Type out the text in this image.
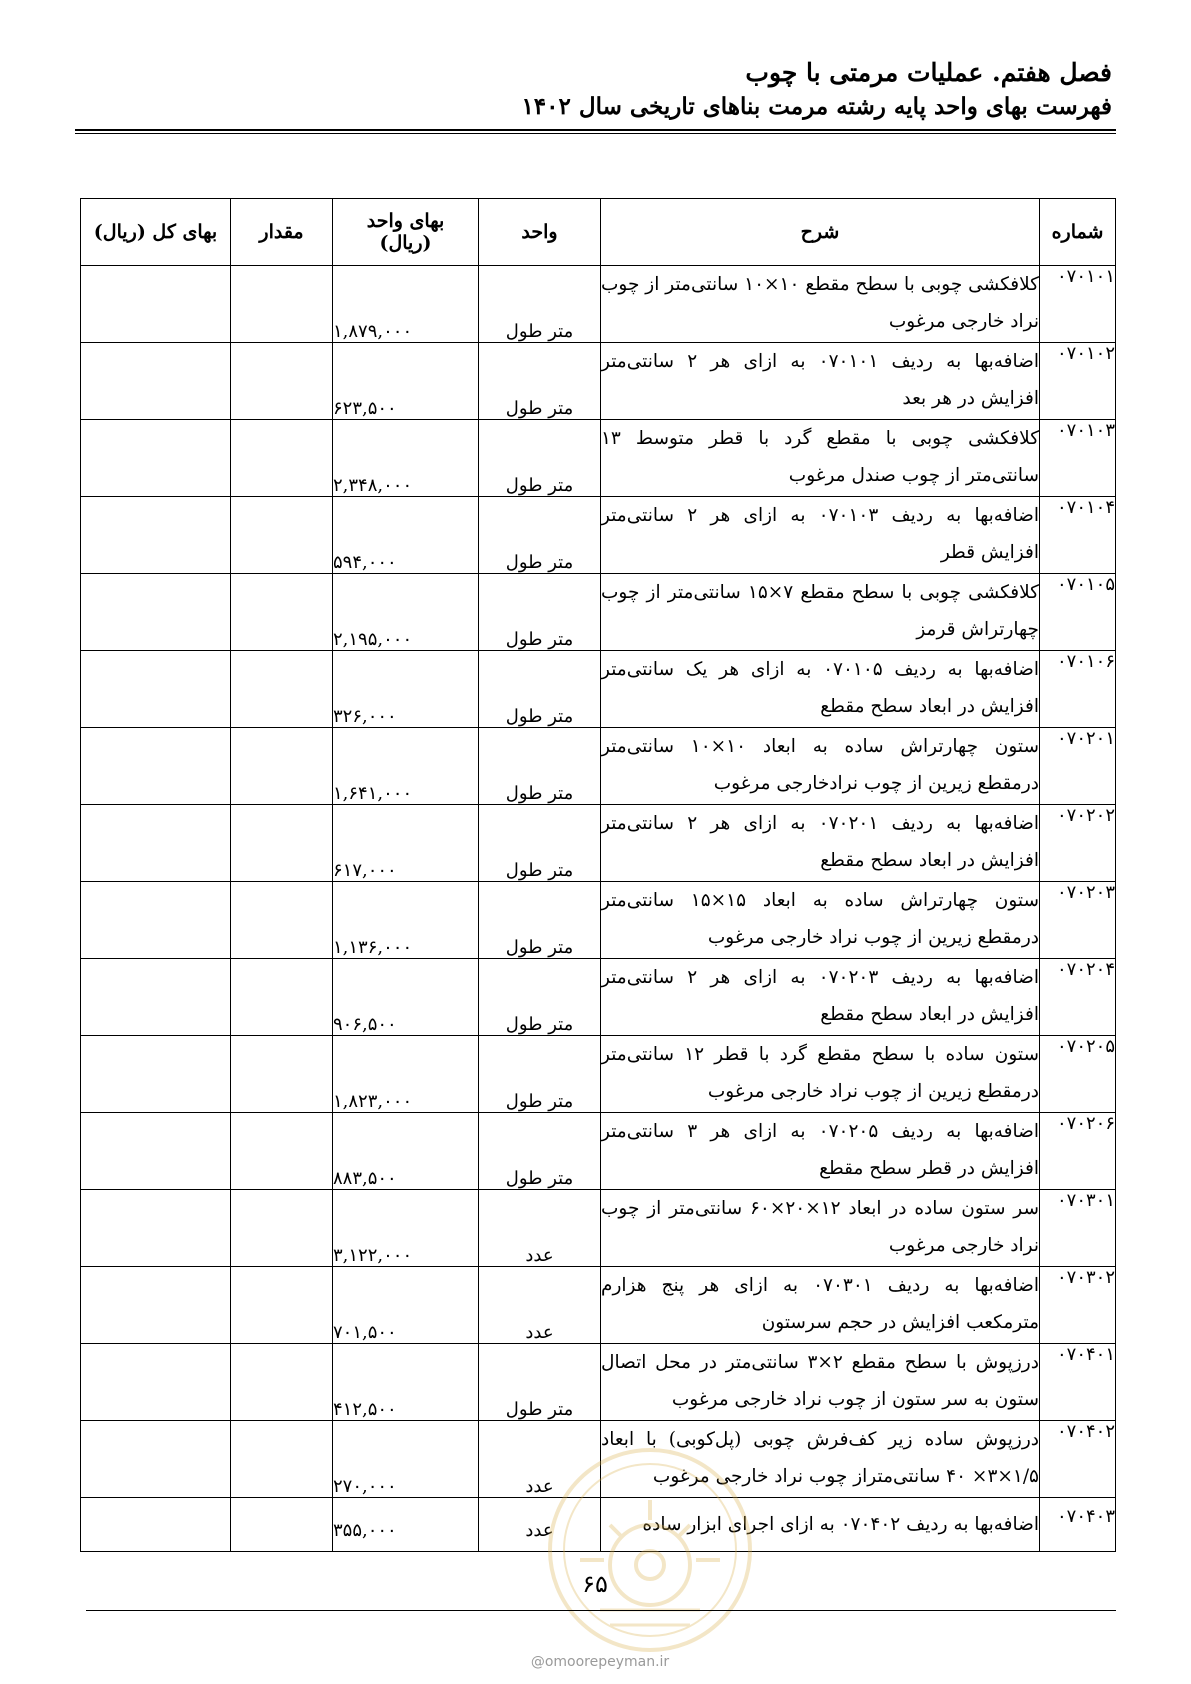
فصل هفتم. عملیات مرمتی با چوب
فهرست بهای واحد پایه رشته مرمت بناهای تاریخی سال ۱۴۰۲
شماره	شرح	واحد	بهای واحد (ریال)	مقدار	بهای کل (ریال)
۰۷۰۱۰۱	کلافکشی چوبی با سطح مقطع ۱۰×۱۰ سانتی‌متر از چوب نراد خارجی مرغوب	متر طول	۱,۸۷۹,۰۰۰		
۰۷۰۱۰۲	اضافه‌بها به ردیف ۰۷۰۱۰۱ به ازای هر ۲ سانتی‌متر افزایش در هر بعد	متر طول	۶۲۳,۵۰۰		
۰۷۰۱۰۳	کلافکشی چوبی با مقطع گرد با قطر متوسط ۱۳ سانتی‌متر از چوب صندل مرغوب	متر طول	۲,۳۴۸,۰۰۰		
۰۷۰۱۰۴	اضافه‌بها به ردیف ۰۷۰۱۰۳ به ازای هر ۲ سانتی‌متر افزایش قطر	متر طول	۵۹۴,۰۰۰		
۰۷۰۱۰۵	کلافکشی چوبی با سطح مقطع ۷×۱۵ سانتی‌متر از چوب چهارتراش قرمز	متر طول	۲,۱۹۵,۰۰۰		
۰۷۰۱۰۶	اضافه‌بها به ردیف ۰۷۰۱۰۵ به ازای هر یک سانتی‌متر افزایش در ابعاد سطح مقطع	متر طول	۳۲۶,۰۰۰		
۰۷۰۲۰۱	ستون چهارتراش ساده به ابعاد ۱۰×۱۰ سانتی‌متر درمقطع زیرین از چوب نرادخارجی مرغوب	متر طول	۱,۶۴۱,۰۰۰		
۰۷۰۲۰۲	اضافه‌بها به ردیف ۰۷۰۲۰۱ به ازای هر ۲ سانتی‌متر افزایش در ابعاد سطح مقطع	متر طول	۶۱۷,۰۰۰		
۰۷۰۲۰۳	ستون چهارتراش ساده به ابعاد ۱۵×۱۵ سانتی‌متر درمقطع زیرین از چوب نراد خارجی مرغوب	متر طول	۱,۱۳۶,۰۰۰		
۰۷۰۲۰۴	اضافه‌بها به ردیف ۰۷۰۲۰۳ به ازای هر ۲ سانتی‌متر افزایش در ابعاد سطح مقطع	متر طول	۹۰۶,۵۰۰		
۰۷۰۲۰۵	ستون ساده با سطح مقطع گرد با قطر ۱۲ سانتی‌متر درمقطع زیرین از چوب نراد خارجی مرغوب	متر طول	۱,۸۲۳,۰۰۰		
۰۷۰۲۰۶	اضافه‌بها به ردیف ۰۷۰۲۰۵ به ازای هر ۳ سانتی‌متر افزایش در قطر سطح مقطع	متر طول	۸۸۳,۵۰۰		
۰۷۰۳۰۱	سر ستون ساده در ابعاد ۱۲×۲۰×۶۰ سانتی‌متر از چوب نراد خارجی مرغوب	عدد	۳,۱۲۲,۰۰۰		
۰۷۰۳۰۲	اضافه‌بها به ردیف ۰۷۰۳۰۱ به ازای هر پنج هزارم مترمکعب افزایش در حجم سرستون	عدد	۷۰۱,۵۰۰		
۰۷۰۴۰۱	درزپوش با سطح مقطع ۲×۳ سانتی‌متر در محل اتصال ستون به سر ستون از چوب نراد خارجی مرغوب	متر طول	۴۱۲,۵۰۰		
۰۷۰۴۰۲	درزپوش ساده زیر کف‌فرش چوبی (پل‌کوبی) با ابعاد ۱/۵×۳× ۴۰ سانتی‌متراز چوب نراد خارجی مرغوب	عدد	۲۷۰,۰۰۰		
۰۷۰۴۰۳	اضافه‌بها به ردیف ۰۷۰۴۰۲ به ازای اجرای ابزار ساده	عدد	۳۵۵,۰۰۰		
۶۵
@omoorepeyman.ir
